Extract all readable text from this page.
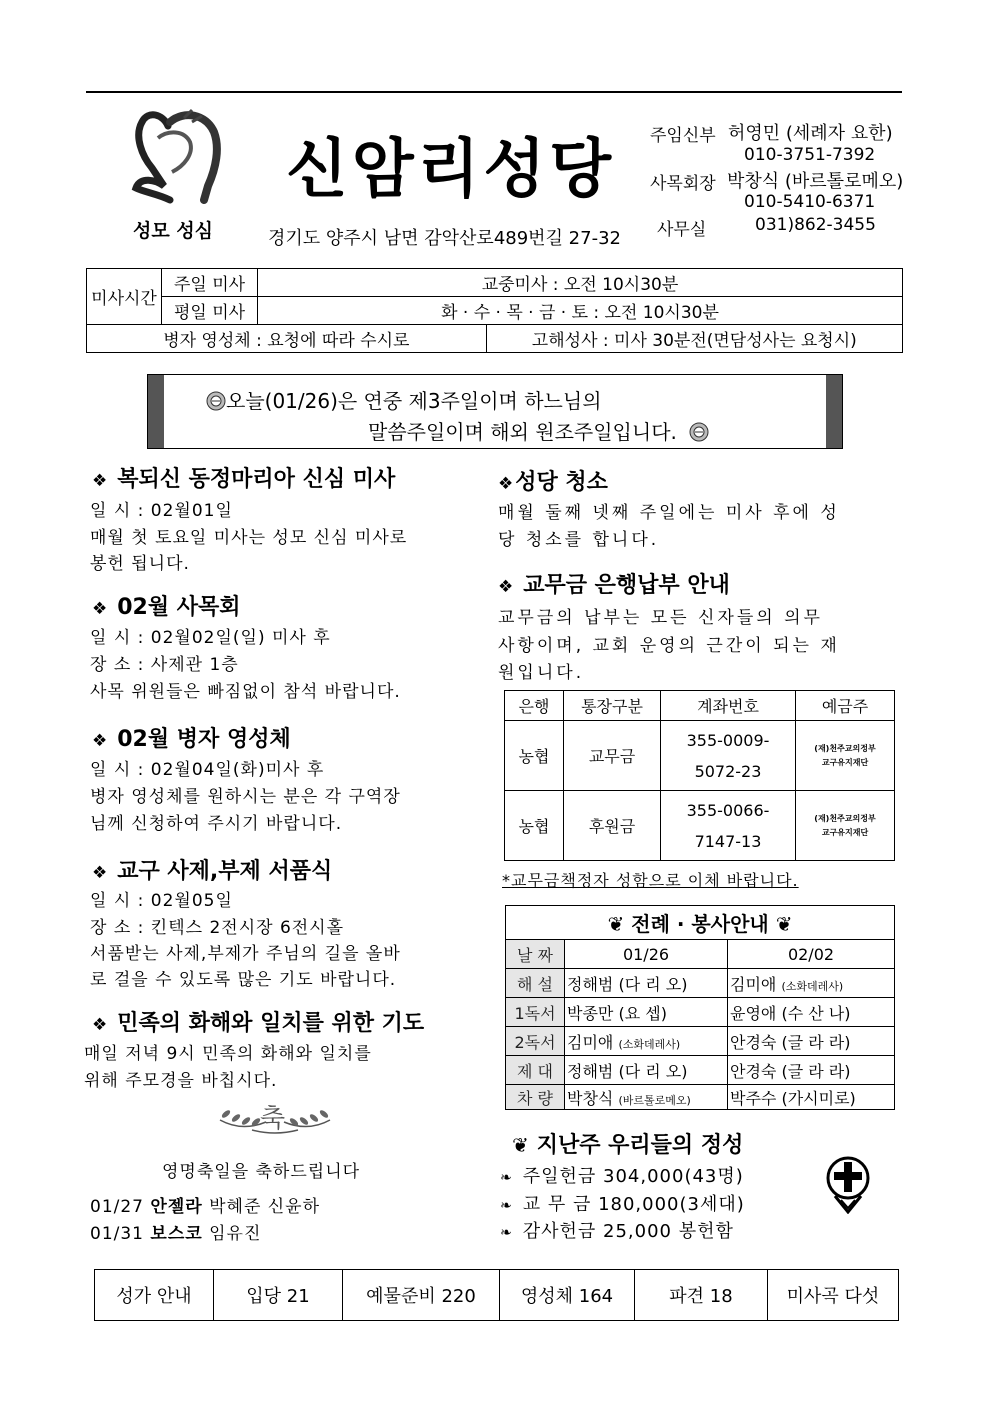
성모 성심
신암리성당
경기도 양주시 남면 감악산로489번길 27-32
주임신부 허영민 (세례자 요한)
010-3751-7392
사목회장 박창식 (바르톨로메오)
010-5410-6371
사무실	031)862-3455
미사시간	주일 미사	교중미사 : 오전 10시30분	
	평일 미사	화 · 수 · 목 · 금 · 토 : 오전 10시30분	
병자 영성체 : 요청에 따라 수시로			고해성사 : 미사 30분전(면담성사는 요청시)
오늘(01/26)은 연중 제3주일이며 하느님의
말씀주일이며 해외 원조주일입니다.
❖ 복되신 동정마리아 신심 미사
일 시 : 02월01일
매월 첫 토요일 미사는 성모 신심 미사로
봉헌 됩니다.
❖ 02월 사목회
일 시 : 02월02일(일) 미사 후
장 소 : 사제관 1층
사목 위원들은 빠짐없이 참석 바랍니다.
❖ 02월 병자 영성체
일 시 : 02월04일(화)미사 후
병자 영성체를 원하시는 분은 각 구역장
님께 신청하여 주시기 바랍니다.
❖ 교구 사제,부제 서품식
일 시 : 02월05일
장 소 : 킨텍스 2전시장 6전시홀
서품받는 사제,부제가 주님의 길을 올바
로 걸을 수 있도록 많은 기도 바랍니다.
❖ 민족의 화해와 일치를 위한 기도
매일 저녁 9시 민족의 화해와 일치를
위해 주모경을 바칩시다.
축
영명축일을 축하드립니다
01/27 안젤라 박혜준 신윤하
01/31 보스코 임유진
❖성당 청소
매월 둘째 넷째 주일에는 미사 후에 성
당 청소를 합니다.
❖ 교무금 은행납부 안내
교무금의 납부는 모든 신자들의 의무
사항이며, 교회 운영의 근간이 되는 재
원입니다.
은행	통장구분	계좌번호	예금주
농협	교무금	355-0009-
5072-23	(재)천주교의정부
교구유지재단
농협	후원금	355-0066-
7147-13	(재)천주교의정부
교구유지재단
*교무금책정자 성함으로 이체 바랍니다.
❦ 전례 · 봉사안내 ❦		
날 짜	01/26	02/02
해 설	정해범 (다 리 오)	김미애 (소화데레사)
1독서	박종만 (요 셉)	윤영애 (수 산 나)
2독서	김미애 (소화데레사)	안경숙 (글 라 라)
제 대	정해범 (다 리 오)	안경숙 (글 라 라)
차 량	박창식 (바르톨로메오)	박주수 (가시미로)
❦ 지난주 우리들의 정성
❧ 주일헌금 304,000(43명)
❧ 교 무 금 180,000(3세대)
❧ 감사헌금 25,000 봉헌함
성가 안내	입당 21	예물준비 220	영성체 164	파견 18	미사곡 다섯
